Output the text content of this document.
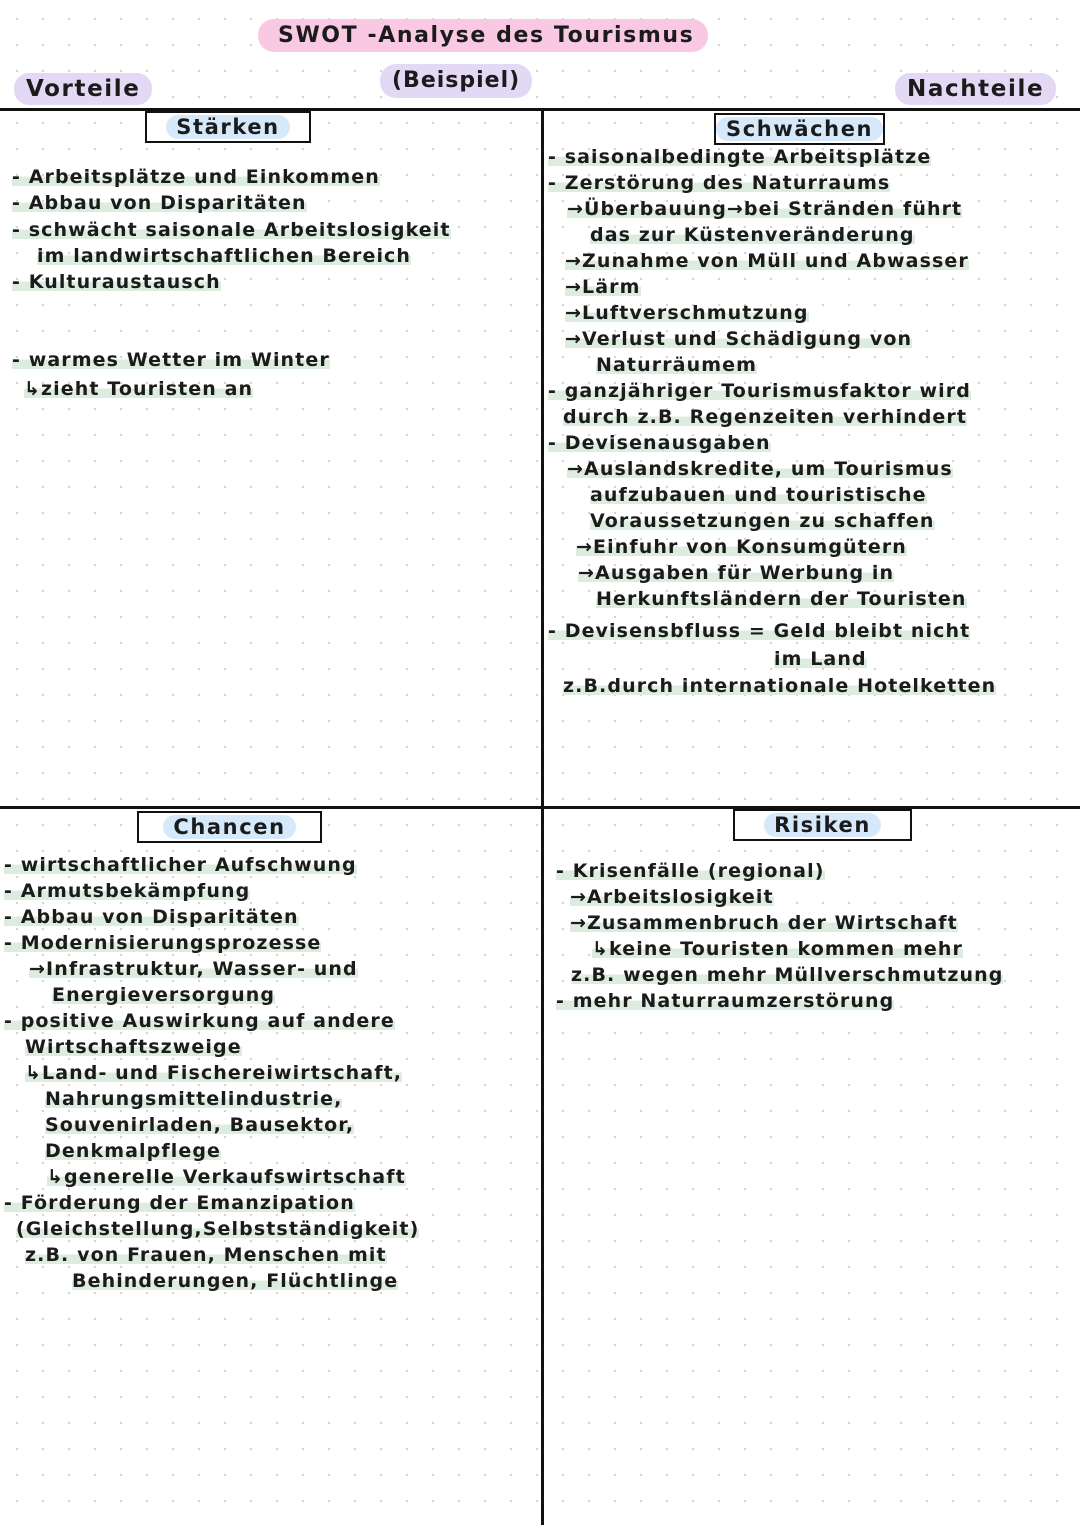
SWOT -Analyse des Tourismus
(Beispiel)
Vorteile	Nachteile
Stärken	Schwächen
Chancen	Risiken
- Arbeitsplätze und Einkommen
- Abbau von Disparitäten
- schwächt saisonale Arbeitslosigkeit
im landwirtschaftlichen Bereich
- Kulturaustausch
- warmes Wetter im Winter
↳zieht Touristen an
- saisonalbedingte Arbeitsplätze
- Zerstörung des Naturraums
→Überbauung→bei Stränden führt
das zur Küstenveränderung
→Zunahme von Müll und Abwasser
→Lärm
→Luftverschmutzung
→Verlust und Schädigung von
Naturräumem
- ganzjähriger Tourismusfaktor wird
durch z.B. Regenzeiten verhindert
- Devisenausgaben
→Auslandskredite, um Tourismus
aufzubauen und touristische
Voraussetzungen zu schaffen
→Einfuhr von Konsumgütern
→Ausgaben für Werbung in
Herkunftsländern der Touristen
- Devisensbfluss = Geld bleibt nicht
im Land
z.B.durch internationale Hotelketten
- wirtschaftlicher Aufschwung
- Armutsbekämpfung
- Abbau von Disparitäten
- Modernisierungsprozesse
→Infrastruktur, Wasser- und
Energieversorgung
- positive Auswirkung auf andere
Wirtschaftszweige
↳Land- und Fischereiwirtschaft,
Nahrungsmittelindustrie,
Souvenirladen, Bausektor,
Denkmalpflege
↳generelle Verkaufswirtschaft
- Förderung der Emanzipation
(Gleichstellung,Selbstständigkeit)
z.B. von Frauen, Menschen mit
Behinderungen, Flüchtlinge
- Krisenfälle (regional)
→Arbeitslosigkeit
→Zusammenbruch der Wirtschaft
↳keine Touristen kommen mehr
z.B. wegen mehr Müllverschmutzung
- mehr Naturraumzerstörung
